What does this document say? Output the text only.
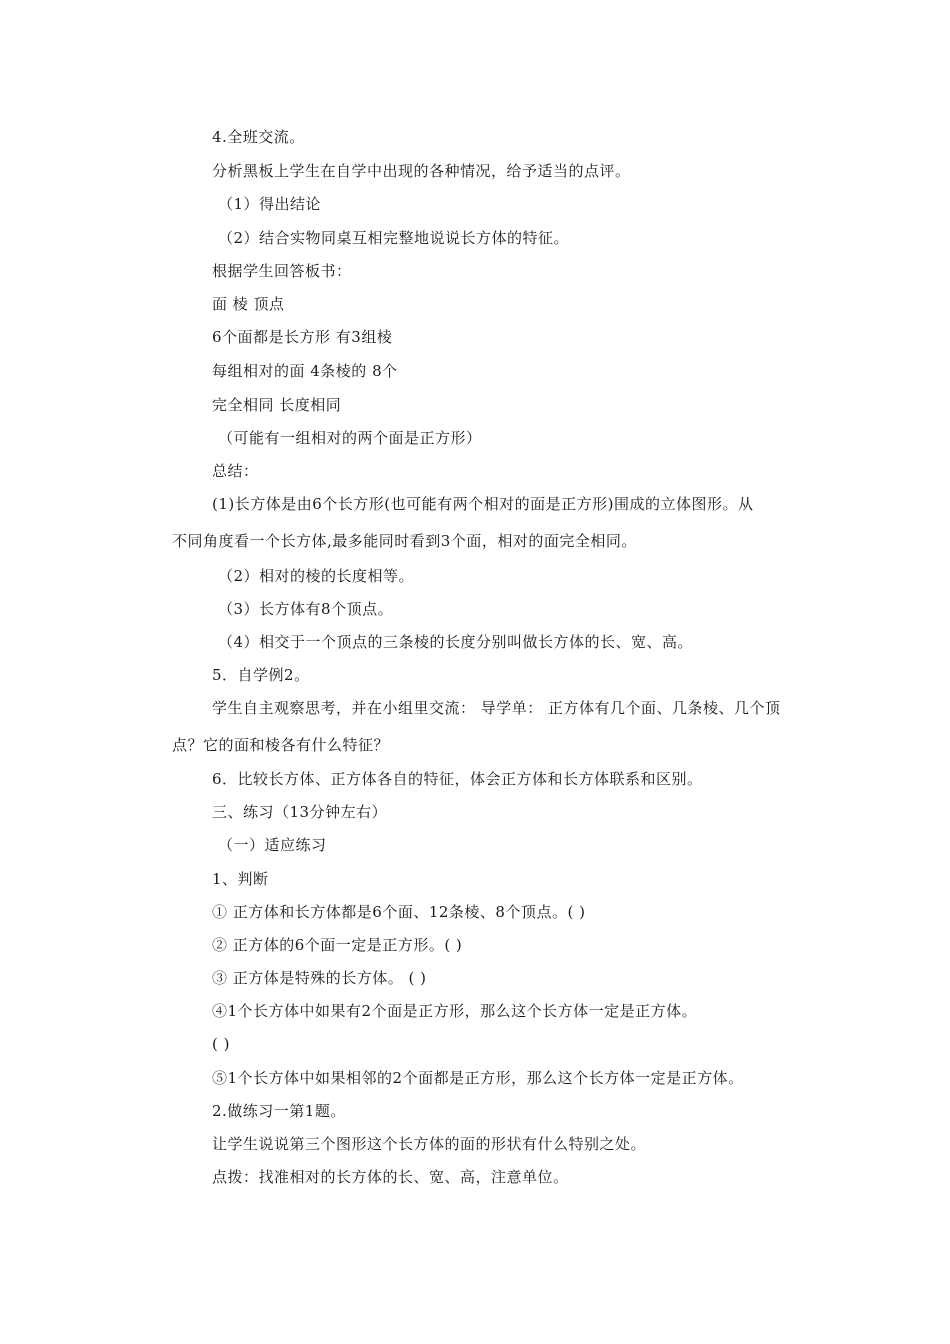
4.全班交流。
分析黑板上学生在自学中出现的各种情况，给予适当的点评。
（1）得出结论
（2）结合实物同桌互相完整地说说长方体的特征。
根据学生回答板书：
面 棱 顶点
6个面都是长方形 有3组棱
每组相对的面 4条棱的 8个
完全相同 长度相同
（可能有一组相对的两个面是正方形）
总结：
(1)长方体是由6个长方形(也可能有两个相对的面是正方形)围成的立体图形。从
不同角度看一个长方体,最多能同时看到3个面，相对的面完全相同。
（2）相对的棱的长度相等。
（3）长方体有8个顶点。
（4）相交于一个顶点的三条棱的长度分别叫做长方体的长、宽、高。
5．自学例2。
学生自主观察思考，并在小组里交流： 导学单： 正方体有几个面、几条棱、几个顶
点？它的面和棱各有什么特征？
6．比较长方体、正方体各自的特征，体会正方体和长方体联系和区别。
三、练习（13分钟左右）
（一）适应练习
1、判断
① 正方体和长方体都是6个面、12条棱、8个顶点。( )
② 正方体的6个面一定是正方形。( )
③ 正方体是特殊的长方体。 ( )
④1个长方体中如果有2个面是正方形，那么这个长方体一定是正方体。
( )
⑤1个长方体中如果相邻的2个面都是正方形，那么这个长方体一定是正方体。
2.做练习一第1题。
让学生说说第三个图形这个长方体的面的形状有什么特别之处。
点拨：找准相对的长方体的长、宽、高，注意单位。
